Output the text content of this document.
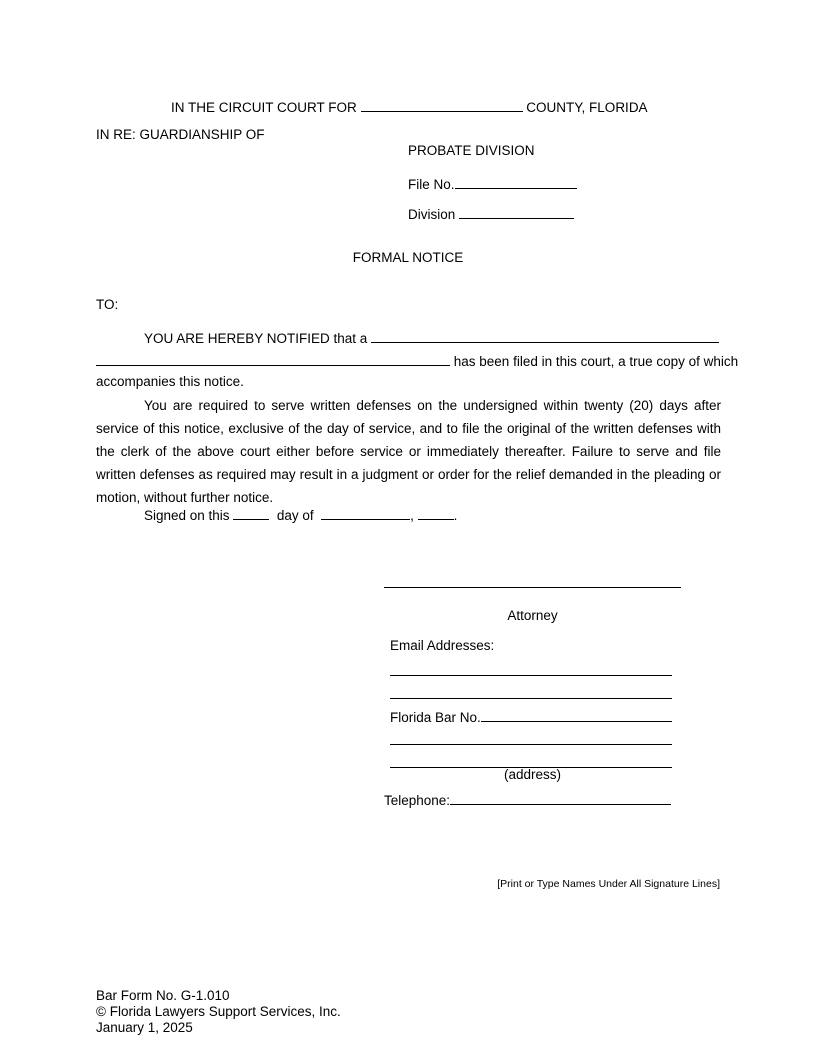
IN THE CIRCUIT COURT FOR	COUNTY, FLORIDA
IN RE: GUARDIANSHIP OF
PROBATE DIVISION
File No.
Division
FORMAL NOTICE
TO:
YOU ARE HEREBY NOTIFIED that a
has been filed in this court, a true copy of which
accompanies this notice.
You are required to serve written defenses on the undersigned within twenty (20) days after service of this notice, exclusive of the day of service, and to file the original of the written defenses with the clerk of the above court either before service or immediately thereafter. Failure to serve and file written defenses as required may result in a judgment or order for the relief demanded in the pleading or motion, without further notice.
Signed on this	day of	,	.
Attorney
Email Addresses:
Florida Bar No.
(address)
Telephone:
[Print or Type Names Under All Signature Lines]
Bar Form No. G-1.010
© Florida Lawyers Support Services, Inc.
January 1, 2025
